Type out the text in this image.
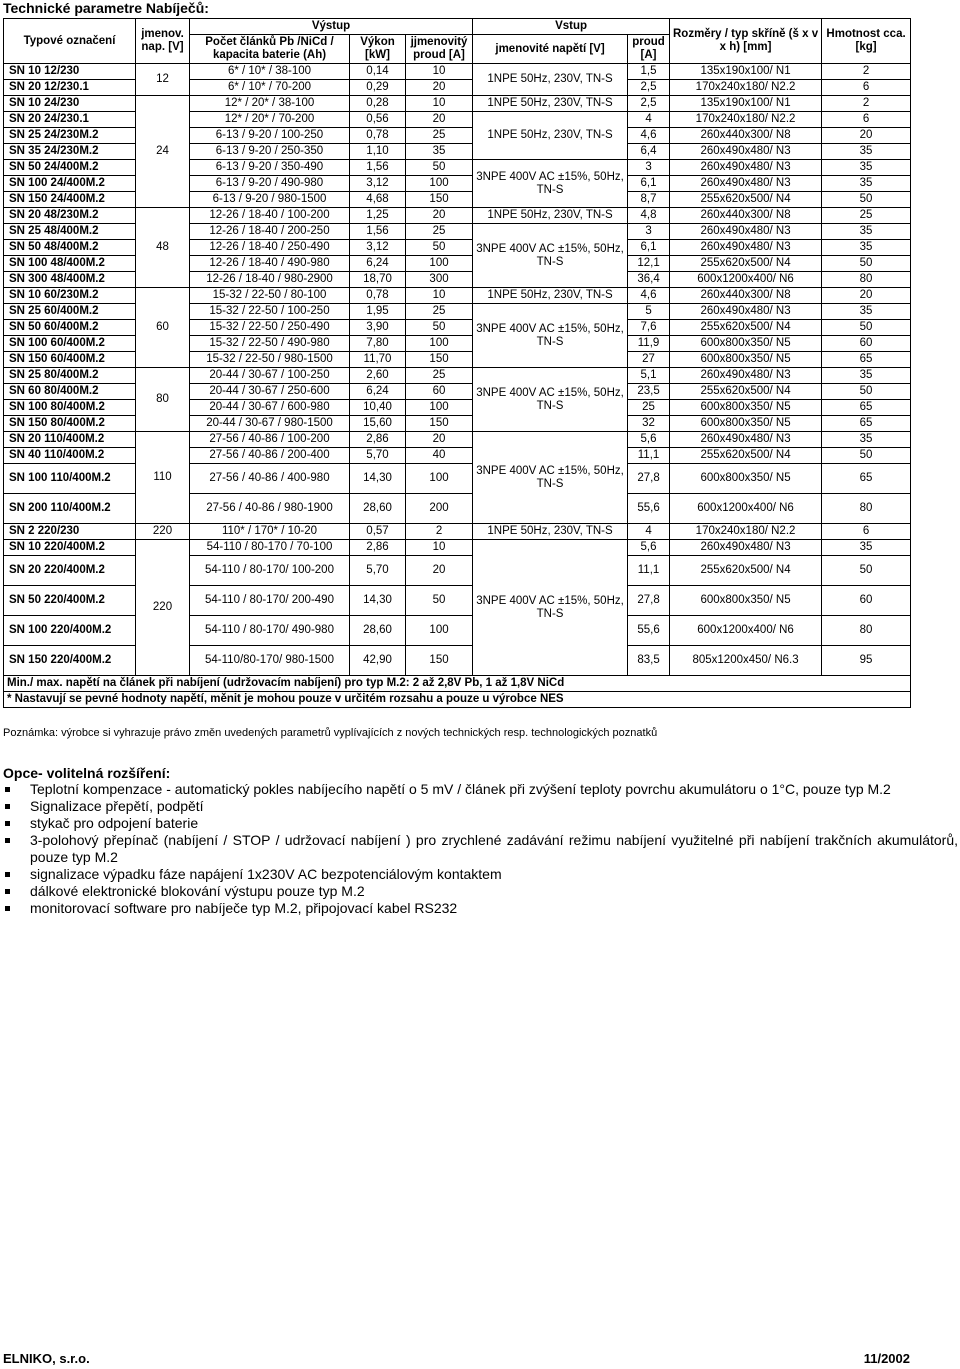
Technické parametre Nabíječů:
Typové označení	jmenov. nap. [V]	Výstup			Vstup		Rozměry / typ skříně (š x v x h) [mm]	Hmotnost cca. [kg]
		Počet článků Pb /NiCd / kapacita baterie (Ah)	Výkon [kW]	jjmenovitý proud [A]	jmenovité napětí [V]	proud [A]		
SN 10 12/230	12	6* / 10* / 38-100	0,14	10	1NPE 50Hz, 230V, TN-S	1,5	135x190x100/ N1	2
SN 20 12/230.1		6* / 10* / 70-200	0,29	20		2,5	170x240x180/ N2.2	6
SN 10 24/230	24	12* / 20* / 38-100	0,28	10	1NPE 50Hz, 230V, TN-S	2,5	135x190x100/ N1	2
SN 20 24/230.1		12* / 20* / 70-200	0,56	20	1NPE 50Hz, 230V, TN-S	4	170x240x180/ N2.2	6
SN 25 24/230M.2		6-13 / 9-20 / 100-250	0,78	25		4,6	260x440x300/ N8	20
SN 35 24/230M.2		6-13 / 9-20 / 250-350	1,10	35		6,4	260x490x480/ N3	35
SN 50 24/400M.2		6-13 / 9-20 / 350-490	1,56	50	3NPE 400V AC ±15%, 50Hz, TN-S	3	260x490x480/ N3	35
SN 100 24/400M.2		6-13 / 9-20 / 490-980	3,12	100		6,1	260x490x480/ N3	35
SN 150 24/400M.2		6-13 / 9-20 / 980-1500	4,68	150		8,7	255x620x500/ N4	50
SN 20 48/230M.2	48	12-26 / 18-40 / 100-200	1,25	20	1NPE 50Hz, 230V, TN-S	4,8	260x440x300/ N8	25
SN 25 48/400M.2		12-26 / 18-40 / 200-250	1,56	25	3NPE 400V AC ±15%, 50Hz, TN-S	3	260x490x480/ N3	35
SN 50 48/400M.2		12-26 / 18-40 / 250-490	3,12	50		6,1	260x490x480/ N3	35
SN 100 48/400M.2		12-26 / 18-40 / 490-980	6,24	100		12,1	255x620x500/ N4	50
SN 300 48/400M.2		12-26 / 18-40 / 980-2900	18,70	300		36,4	600x1200x400/ N6	80
SN 10 60/230M.2	60	15-32 / 22-50 / 80-100	0,78	10	1NPE 50Hz, 230V, TN-S	4,6	260x440x300/ N8	20
SN 25 60/400M.2		15-32 / 22-50 / 100-250	1,95	25	3NPE 400V AC ±15%, 50Hz, TN-S	5	260x490x480/ N3	35
SN 50 60/400M.2		15-32 / 22-50 / 250-490	3,90	50		7,6	255x620x500/ N4	50
SN 100 60/400M.2		15-32 / 22-50 / 490-980	7,80	100		11,9	600x800x350/ N5	60
SN 150 60/400M.2		15-32 / 22-50 / 980-1500	11,70	150		27	600x800x350/ N5	65
SN 25 80/400M.2	80	20-44 / 30-67 / 100-250	2,60	25	3NPE 400V AC ±15%, 50Hz, TN-S	5,1	260x490x480/ N3	35
SN 60 80/400M.2		20-44 / 30-67 / 250-600	6,24	60		23,5	255x620x500/ N4	50
SN 100 80/400M.2		20-44 / 30-67 / 600-980	10,40	100		25	600x800x350/ N5	65
SN 150 80/400M.2		20-44 / 30-67 / 980-1500	15,60	150		32	600x800x350/ N5	65
SN 20 110/400M.2	110	27-56 / 40-86 / 100-200	2,86	20	3NPE 400V AC ±15%, 50Hz, TN-S	5,6	260x490x480/ N3	35
SN 40 110/400M.2		27-56 / 40-86 / 200-400	5,70	40		11,1	255x620x500/ N4	50
SN 100 110/400M.2		27-56 / 40-86 / 400-980	14,30	100		27,8	600x800x350/ N5	65
SN 200 110/400M.2		27-56 / 40-86 / 980-1900	28,60	200		55,6	600x1200x400/ N6	80
SN 2 220/230	220	110* / 170* / 10-20	0,57	2	1NPE 50Hz, 230V, TN-S	4	170x240x180/ N2.2	6
SN 10 220/400M.2	220	54-110 / 80-170 / 70-100	2,86	10	3NPE 400V AC ±15%, 50Hz, TN-S	5,6	260x490x480/ N3	35
SN 20 220/400M.2		54-110 / 80-170/ 100-200	5,70	20		11,1	255x620x500/ N4	50
SN 50 220/400M.2		54-110 / 80-170/ 200-490	14,30	50		27,8	600x800x350/ N5	60
SN 100 220/400M.2		54-110 / 80-170/ 490-980	28,60	100		55,6	600x1200x400/ N6	80
SN 150 220/400M.2		54-110/80-170/ 980-1500	42,90	150		83,5	805x1200x450/ N6.3	95
Min./ max. napětí na článek při nabíjení (udržovacím nabíjení) pro typ M.2: 2 až 2,8V Pb, 1 až 1,8V NiCd								
* Nastavují se pevné hodnoty napětí, měnit je mohou pouze v určitém rozsahu a pouze u výrobce NES								
Poznámka: výrobce si vyhrazuje právo změn uvedených parametrů vyplívajících z nových technických resp. technologických poznatků
Opce- volitelná rozšíření:
Teplotní kompenzace - automatický pokles nabíjecího napětí o 5 mV / článek při zvýšení teploty povrchu akumulátoru o 1°C, pouze typ M.2
Signalizace přepětí, podpětí
stykač pro odpojení baterie
3-polohový přepínač (nabíjení / STOP / udržovací nabíjení ) pro zrychlené zadávání režimu nabíjení využitelné při nabíjení trakčních akumulátorů, pouze typ M.2
signalizace výpadku fáze napájení 1x230V AC bezpotenciálovým kontaktem
dálkové elektronické blokování výstupu pouze typ M.2
monitorovací software pro nabíječe typ M.2, připojovací kabel RS232
ELNIKO, s.r.o.	11/2002
